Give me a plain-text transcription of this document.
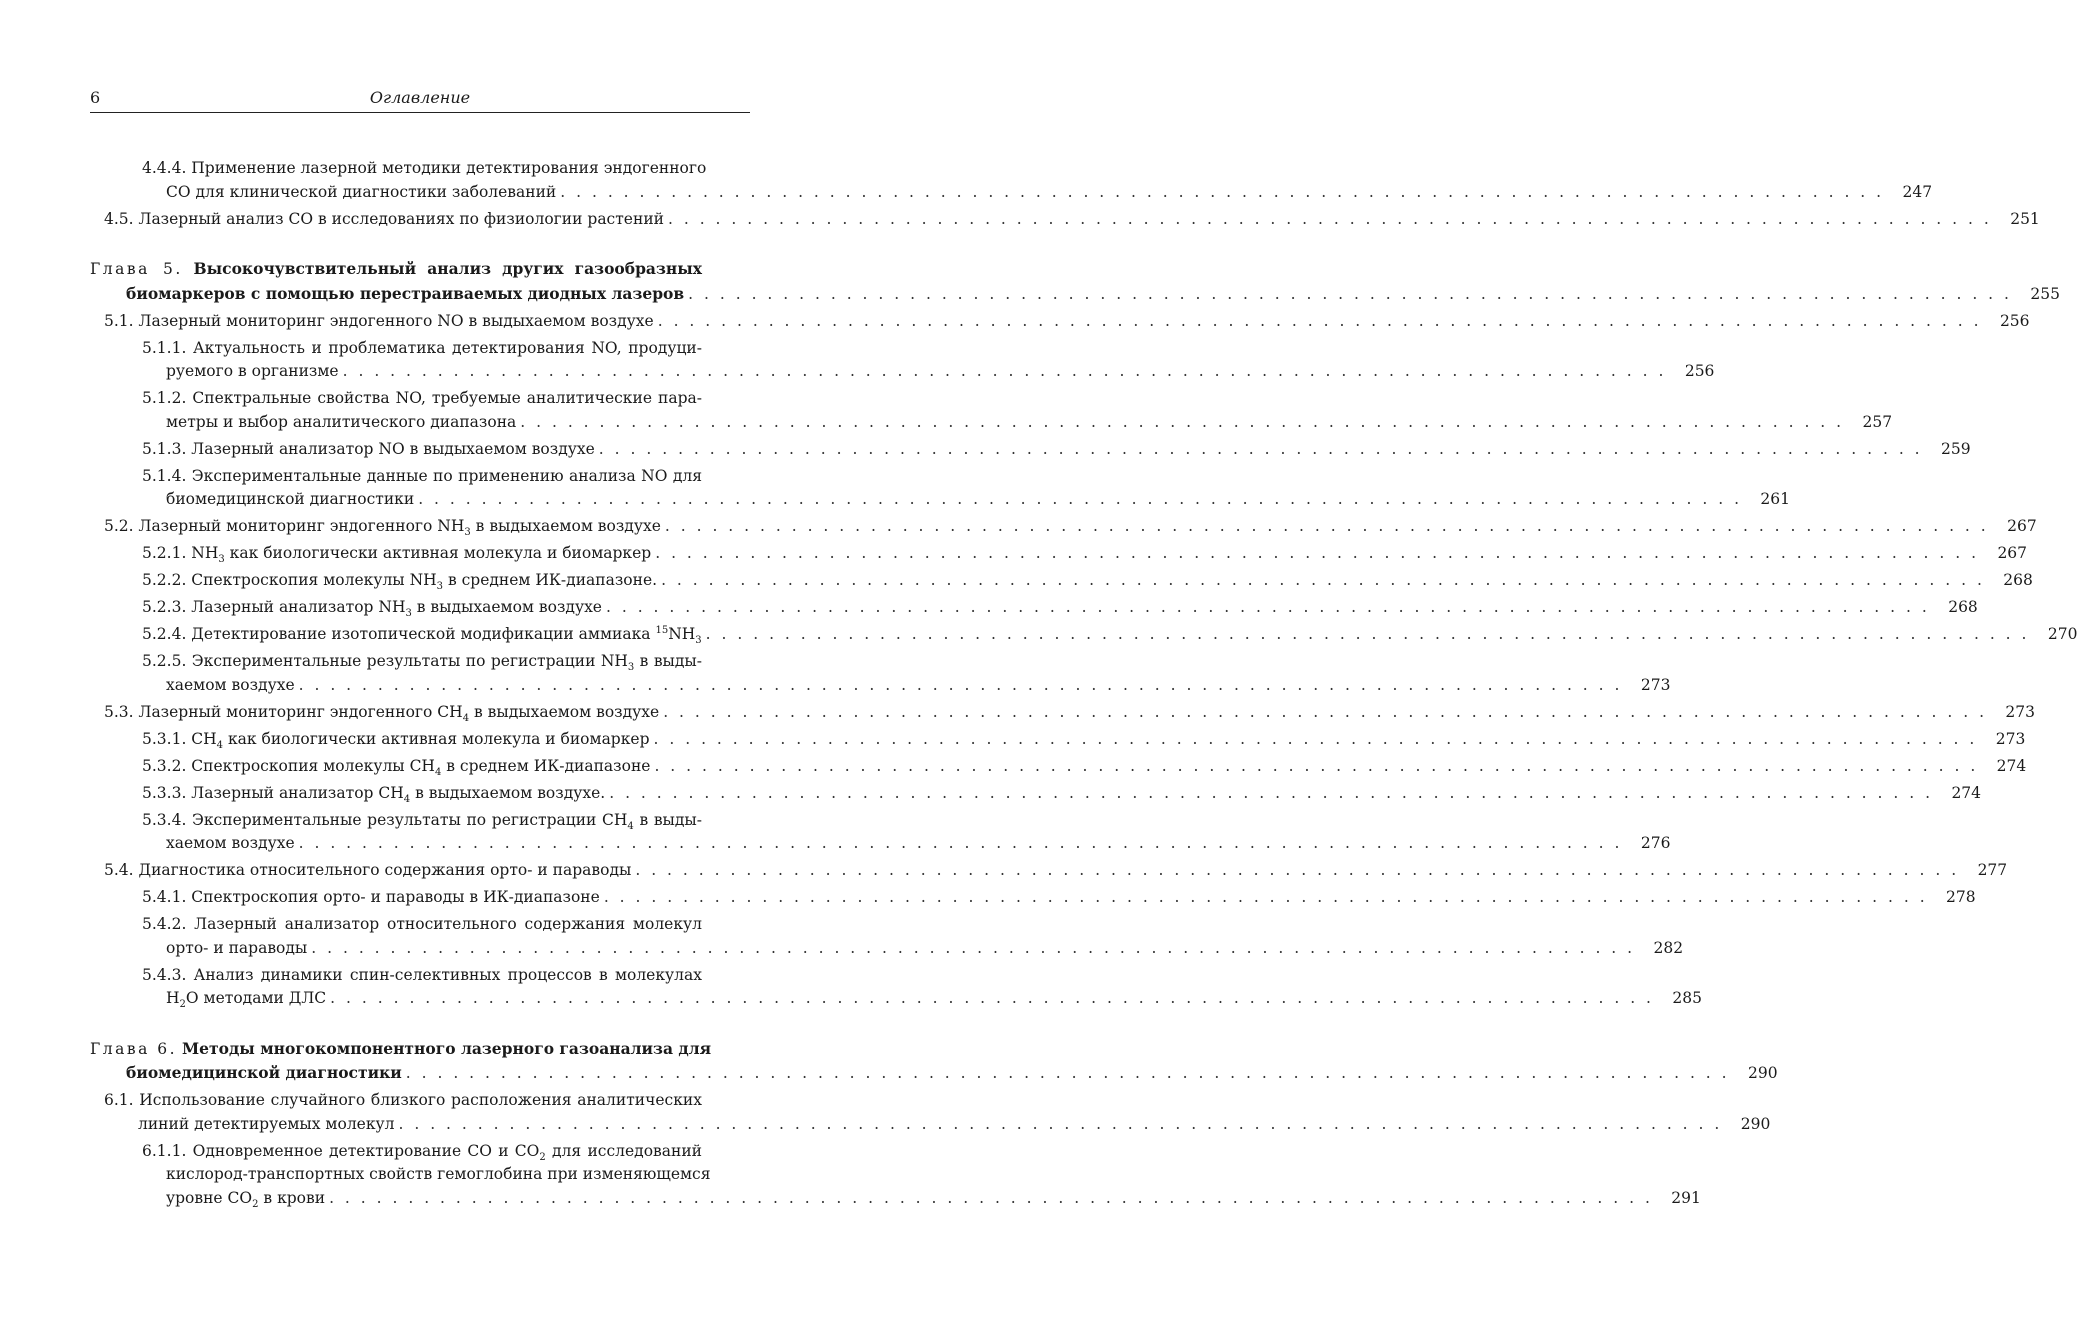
6	Оглавление
4.4.4. Применение лазерной методики детектирования эндогенного
СО для клинической диагностики заболеваний . . .	247
4.5. Лазерный анализ СО в исследованиях по физиологии растений . . .	251
Глава 5. Высокочувствительный анализ других газообразных
биомаркеров с помощью перестраиваемых диодных лазеров . . .	255
5.1. Лазерный мониторинг эндогенного NO в выдыхаемом воздухе . . .	256
5.1.1. Актуальность и проблематика детектирования NO, продуци-
руемого в организме . . .	256
5.1.2. Спектральные свойства NO, требуемые аналитические пара-
метры и выбор аналитического диапазона . . .	257
5.1.3. Лазерный анализатор NO в выдыхаемом воздухе . . .	259
5.1.4. Экспериментальные данные по применению анализа NO для
биомедицинской диагностики . . .	261
5.2. Лазерный мониторинг эндогенного $NH_3$ в выдыхаемом воздухе . . .	267
5.2.1. $NH_3$ как биологически активная молекула и биомаркер . . .	267
5.2.2. Спектроскопия молекулы $NH_3$ в среднем ИК-диапазоне. . . .	268
5.2.3. Лазерный анализатор $NH_3$ в выдыхаемом воздухе . . .	268
5.2.4. Детектирование изотопической модификации аммиака $^{15}NH_3$ . . .	270
5.2.5. Экспериментальные результаты по регистрации $NH_3$ в выды-
хаемом воздухе . . .	273
5.3. Лазерный мониторинг эндогенного $CH_4$ в выдыхаемом воздухе . . .	273
5.3.1. $CH_4$ как биологически активная молекула и биомаркер . . .	273
5.3.2. Спектроскопия молекулы $CH_4$ в среднем ИК-диапазоне . . .	274
5.3.3. Лазерный анализатор $CH_4$ в выдыхаемом воздухе. . . .	274
5.3.4. Экспериментальные результаты по регистрации $CH_4$ в выды-
хаемом воздухе . . .	276
5.4. Диагностика относительного содержания орто- и параводы . . .	277
5.4.1. Спектроскопия орто- и параводы в ИК-диапазоне . . .	278
5.4.2. Лазерный анализатор относительного содержания молекул
орто- и параводы . . .	282
5.4.3. Анализ динамики спин-селективных процессов в молекулах
$H_2O$ методами ДЛС . . .	285
Глава 6. Методы многокомпонентного лазерного газоанализа для
биомедицинской диагностики . . .	290
6.1. Использование случайного близкого расположения аналитических
линий детектируемых молекул . . .	290
6.1.1. Одновременное детектирование CO и $CO_2$ для исследований
кислород-транспортных свойств гемоглобина при изменяющемся
уровне $CO_2$ в крови . . .	291
